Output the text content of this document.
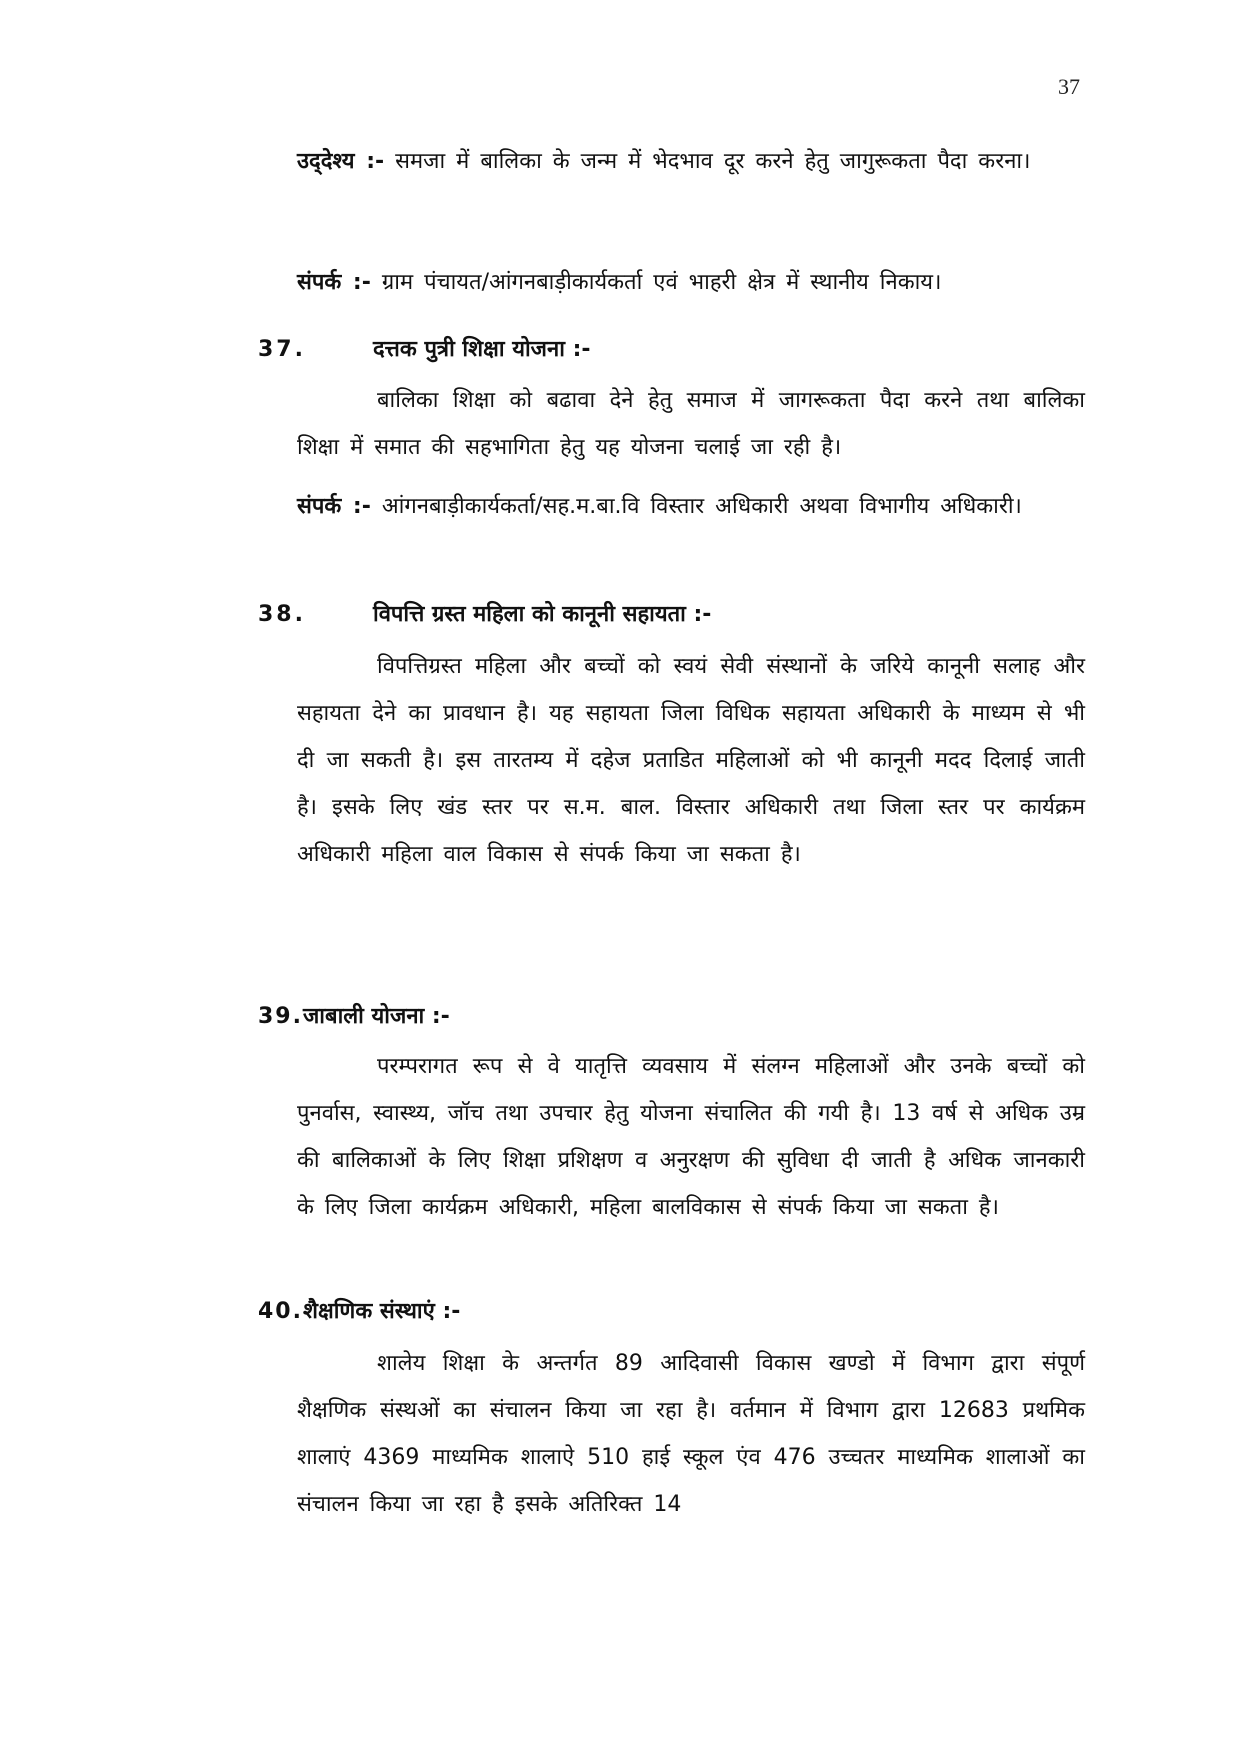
37

उद्‌देश्य :- समजा में बालिका के जन्म में भेदभाव दूर करने हेतु जागुरूकता पैदा करना।

संपर्क :- ग्राम पंचायत/आंगनबाड़ीकार्यकर्ता एवं भाहरी क्षेत्र में स्थानीय निकाय।

37.	दत्तक पुत्री शिक्षा योजना :-

बालिका शिक्षा को बढावा देने हेतु समाज में जागरूकता पैदा करने तथा बालिका शिक्षा में समात की सहभागिता हेतु यह योजना चलाई जा रही है।

संपर्क :- आंगनबाड़ीकार्यकर्ता/सह.म.बा.वि विस्तार अधिकारी अथवा विभागीय अधिकारी।

38.	विपत्ति ग्रस्त महिला को कानूनी सहायता :-

विपत्तिग्रस्त महिला और बच्चों को स्वयं सेवी संस्थानों के जरिये कानूनी सलाह और सहायता देने का प्रावधान है। यह सहायता जिला विधिक सहायता अधिकारी के माध्यम से भी दी जा सकती है। इस तारतम्य में दहेज प्रताडित महिलाओं को भी कानूनी मदद दिलाई जाती है। इसके लिए खंड स्तर पर स.म. बाल. विस्तार अधिकारी तथा जिला स्तर पर कार्यक्रम अधिकारी महिला वाल विकास से संपर्क किया जा सकता है।

39.जाबाली योजना :-

परम्परागत रूप से वे यातृत्ति व्यवसाय में संलग्न महिलाओं और उनके बच्चों को पुनर्वास, स्वास्थ्य, जॉच तथा उपचार हेतु योजना संचालित की गयी है। 13 वर्ष से अधिक उम्र की बालिकाओं के लिए शिक्षा प्रशिक्षण व अनुरक्षण की सुविधा दी जाती है अधिक जानकारी के लिए जिला कार्यक्रम अधिकारी, महिला बालविकास से संपर्क किया जा सकता है।

40.शैक्षणिक संस्थाएं :-

शालेय शिक्षा के अन्तर्गत 89 आदिवासी विकास खण्डो में विभाग द्वारा संपूर्ण शैक्षणिक संस्थओं का संचालन किया जा रहा है। वर्तमान में विभाग द्वारा 12683 प्रथमिक शालाएं 4369 माध्यमिक शालाऐ 510 हाई स्कूल एंव 476 उच्चतर माध्यमिक शालाओं का संचालन किया जा रहा है इसके अतिरिक्त 14
